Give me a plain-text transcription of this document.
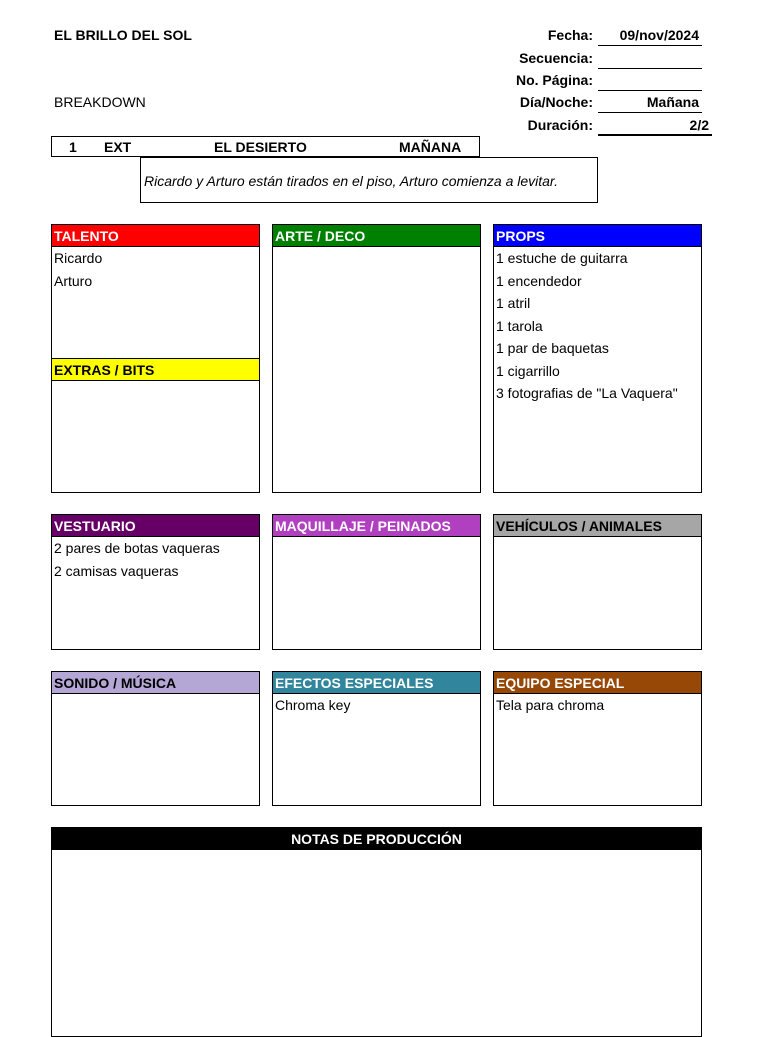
EL BRILLO DEL SOL
BREAKDOWN
Fecha:	09/nov/2024
Secuencia:
No. Página:
Día/Noche:	Mañana
Duración:	2/2
1 EXT	EL DESIERTO	MAÑANA
Ricardo y Arturo están tirados en el piso, Arturo comienza a levitar.
TALENTO
Ricardo
Arturo
EXTRAS / BITS
ARTE / DECO	PROPS
1 estuche de guitarra
1 encendedor
1 atril
1 tarola
1 par de baquetas
1 cigarrillo
3 fotografias de "La Vaquera"
VESTUARIO
2 pares de botas vaqueras
2 camisas vaqueras
MAQUILLAJE / PEINADOS	VEHÍCULOS / ANIMALES
SONIDO / MÚSICA	EFECTOS ESPECIALES
Chroma key
EQUIPO ESPECIAL
Tela para chroma
NOTAS DE PRODUCCIÓN
